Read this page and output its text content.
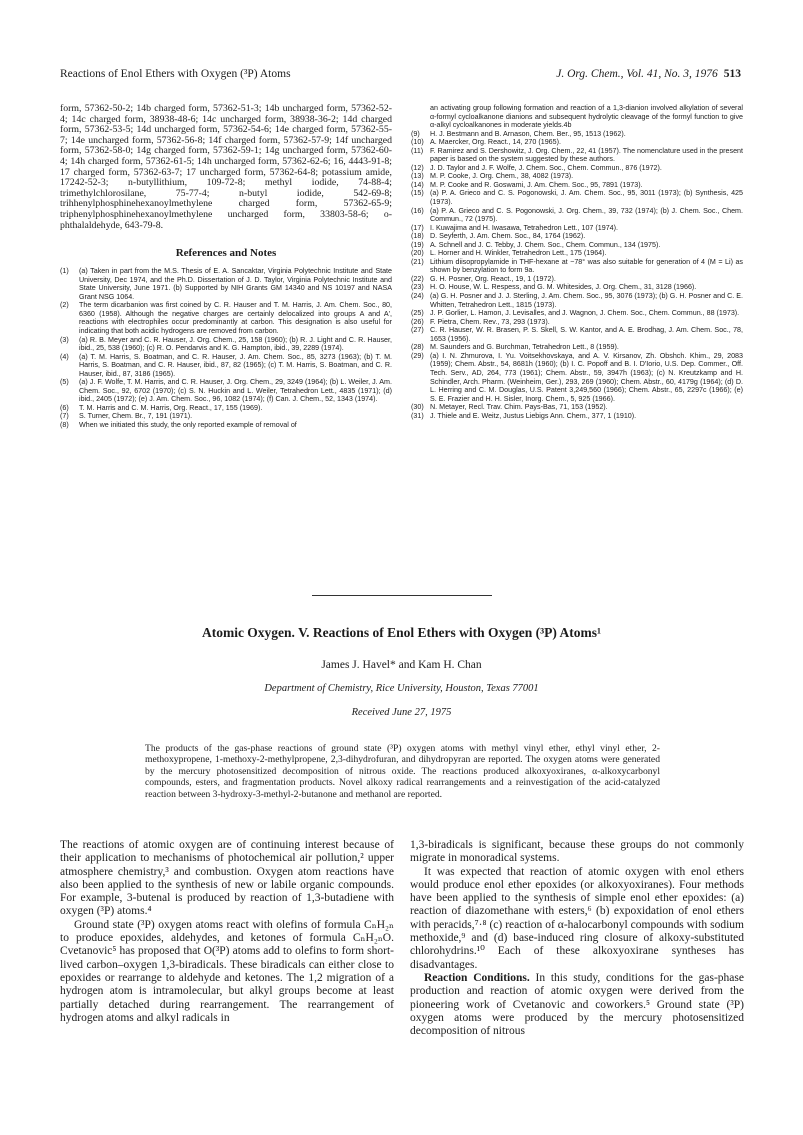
Reactions of Enol Ethers with Oxygen (³P) Atoms	J. Org. Chem., Vol. 41, No. 3, 1976 513

form, 57362-50-2; 14b charged form, 57362-51-3; 14b uncharged form, 57362-52-4; 14c charged form, 38938-48-6; 14c uncharged form, 38938-36-2; 14d charged form, 57362-53-5; 14d uncharged form, 57362-54-6; 14e charged form, 57362-55-7; 14e uncharged form, 57362-56-8; 14f charged form, 57362-57-9; 14f uncharged form, 57362-58-0; 14g charged form, 57362-59-1; 14g uncharged form, 57362-60-4; 14h charged form, 57362-61-5; 14h uncharged form, 57362-62-6; 16, 4443-91-8; 17 charged form, 57362-63-7; 17 uncharged form, 57362-64-8; potassium amide, 17242-52-3; n-butyllithium, 109-72-8; methyl iodide, 74-88-4; trimethylchlorosilane, 75-77-4; n-butyl iodide, 542-69-8; trihhenylphosphinehexanoylmethylene charged form, 57362-65-9; triphenylphosphinehexanoylmethylene uncharged form, 33803-58-6; o-phthalaldehyde, 643-79-8.

References and Notes
(1)	(a) Taken in part from the M.S. Thesis of E. A. Sancaktar, Virginia Polytechnic Institute and State University, Dec 1974, and the Ph.D. Dissertation of J. D. Taylor, Virginia Polytechnic Institute and State University, June 1971. (b) Supported by NIH Grants GM 14340 and NS 10197 and NASA Grant NSG 1064.
(2)	The term dicarbanion was first coined by C. R. Hauser and T. M. Harris, J. Am. Chem. Soc., 80, 6360 (1958). Although the negative charges are certainly delocalized into groups A and A', reactions with electrophiles occur predominantly at carbon. This designation is also useful for indicating that both acidic hydrogens are removed from carbon.
(3)	(a) R. B. Meyer and C. R. Hauser, J. Org. Chem., 25, 158 (1960); (b) R. J. Light and C. R. Hauser, ibid., 25, 538 (1960); (c) R. O. Pendarvis and K. G. Hampton, ibid., 39, 2289 (1974).
(4)	(a) T. M. Harris, S. Boatman, and C. R. Hauser, J. Am. Chem. Soc., 85, 3273 (1963); (b) T. M. Harris, S. Boatman, and C. R. Hauser, ibid., 87, 82 (1965); (c) T. M. Harris, S. Boatman, and C. R. Hauser, ibid., 87, 3186 (1965).
(5)	(a) J. F. Wolfe, T. M. Harris, and C. R. Hauser, J. Org. Chem., 29, 3249 (1964); (b) L. Weiler, J. Am. Chem. Soc., 92, 6702 (1970); (c) S. N. Huckin and L. Weiler, Tetrahedron Lett., 4835 (1971); (d) ibid., 2405 (1972); (e) J. Am. Chem. Soc., 96, 1082 (1974); (f) Can. J. Chem., 52, 1343 (1974).
(6)	T. M. Harris and C. M. Harris, Org. React., 17, 155 (1969).
(7)	S. Turner, Chem. Br., 7, 191 (1971).
(8)	When we initiated this study, the only reported example of removal of
an activating group following formation and reaction of a 1,3-dianion involved alkylation of several α-formyl cycloalkanone dianions and subsequent hydrolytic cleavage of the formyl function to give α-alkyl cycloalkanones in moderate yields.4b
(9)	H. J. Bestmann and B. Arnason, Chem. Ber., 95, 1513 (1962).
(10) A. Maercker, Org. React., 14, 270 (1965).
(11) F. Ramirez and S. Dershowitz, J. Org. Chem., 22, 41 (1957). The nomenclature used in the present paper is based on the system suggested by these authors.
(12) J. D. Taylor and J. F. Wolfe, J. Chem. Soc., Chem. Commun., 876 (1972).
(13) M. P. Cooke, J. Org. Chem., 38, 4082 (1973).
(14) M. P. Cooke and R. Goswami, J. Am. Chem. Soc., 95, 7891 (1973).
(15) (a) P. A. Grieco and C. S. Pogonowski, J. Am. Chem. Soc., 95, 3011 (1973); (b) Synthesis, 425 (1973).
(16) (a) P. A. Grieco and C. S. Pogonowski, J. Org. Chem., 39, 732 (1974); (b) J. Chem. Soc., Chem. Commun., 72 (1975).
(17) I. Kuwajima and H. Iwasawa, Tetrahedron Lett., 107 (1974).
(18) D. Seyferth, J. Am. Chem. Soc., 84, 1764 (1962).
(19) A. Schnell and J. C. Tebby, J. Chem. Soc., Chem. Commun., 134 (1975).
(20) L. Horner and H. Winkler, Tetrahedron Lett., 175 (1964).
(21) Lithium diisopropylamide in THF-hexane at −78° was also suitable for generation of 4 (M = Li) as shown by benzylation to form 9a.
(22) G. H. Posner, Org. React., 19, 1 (1972).
(23) H. O. House, W. L. Respess, and G. M. Whitesides, J. Org. Chem., 31, 3128 (1966).
(24) (a) G. H. Posner and J. J. Sterling, J. Am. Chem. Soc., 95, 3076 (1973); (b) G. H. Posner and C. E. Whitten, Tetrahedron Lett., 1815 (1973).
(25) J. P. Gorlier, L. Hamon, J. Levisalles, and J. Wagnon, J. Chem. Soc., Chem. Commun., 88 (1973).
(26) F. Pietra, Chem. Rev., 73, 293 (1973).
(27) C. R. Hauser, W. R. Brasen, P. S. Skell, S. W. Kantor, and A. E. Brodhag, J. Am. Chem. Soc., 78, 1653 (1956).
(28) M. Saunders and G. Burchman, Tetrahedron Lett., 8 (1959).
(29) (a) I. N. Zhmurova, I. Yu. Voitsekhovskaya, and A. V. Kirsanov, Zh. Obshch. Khim., 29, 2083 (1959); Chem. Abstr., 54, 8681h (1960); (b) I. C. Popoff and B. I. D'Iorio, U.S. Dep. Commer., Off. Tech. Serv., AD, 264, 773 (1961); Chem. Abstr., 59, 3947h (1963); (c) N. Kreutzkamp and H. Schindler, Arch. Pharm. (Weinheim, Ger.), 293, 269 (1960); Chem. Abstr., 60, 4179g (1964); (d) D. L. Herring and C. M. Douglas, U.S. Patent 3,249,560 (1966); Chem. Abstr., 65, 2297c (1966); (e) S. E. Frazier and H. H. Sisler, Inorg. Chem., 5, 925 (1966).
(30) N. Metayer, Recl. Trav. Chim. Pays-Bas, 71, 153 (1952).
(31) J. Thiele and E. Weitz, Justus Liebigs Ann. Chem., 377, 1 (1910).
Atomic Oxygen. V. Reactions of Enol Ethers with Oxygen (³P) Atoms¹
James J. Havel* and Kam H. Chan
Department of Chemistry, Rice University, Houston, Texas 77001
Received June 27, 1975

The products of the gas-phase reactions of ground state (³P) oxygen atoms with methyl vinyl ether, ethyl vinyl ether, 2-methoxypropene, 1-methoxy-2-methylpropene, 2,3-dihydrofuran, and dihydropyran are reported. The oxygen atoms were generated by the mercury photosensitized decomposition of nitrous oxide. The reactions produced alkoxyoxiranes, α-alkoxycarbonyl compounds, esters, and fragmentation products. Novel alkoxy radical rearrangements and a reinvestigation of the acid-catalyzed reaction between 3-hydroxy-3-methyl-2-butanone and methanol are reported.

The reactions of atomic oxygen are of continuing interest because of their application to mechanisms of photochemical air pollution,² upper atmosphere chemistry,³ and combustion. Oxygen atom reactions have also been applied to the synthesis of new or labile organic compounds. For example, 3-butenal is produced by reaction of 1,3-butadiene with oxygen (³P) atoms.⁴

Ground state (³P) oxygen atoms react with olefins of formula CₙH₂ₙ to produce epoxides, aldehydes, and ketones of formula CₙH₂ₙO. Cvetanovic⁵ has proposed that O(³P) atoms add to olefins to form short-lived carbon–oxygen 1,3-biradicals. These biradicals can either close to epoxides or rearrange to aldehyde and ketones. The 1,2 migration of a hydrogen atom is intramolecular, but alkyl groups become at least partially detached during rearrangement. The rearrangement of hydrogen atoms and alkyl radicals in

1,3-biradicals is significant, because these groups do not commonly migrate in monoradical systems.

It was expected that reaction of atomic oxygen with enol ethers would produce enol ether epoxides (or alkoxyoxiranes). Four methods have been applied to the synthesis of simple enol ether epoxides: (a) reaction of diazomethane with esters,⁶ (b) expoxidation of enol ethers with peracids,⁷·⁸ (c) reaction of α-halocarbonyl compounds with sodium methoxide,⁹ and (d) base-induced ring closure of alkoxy-substituted chlorohydrins.¹⁰ Each of these alkoxyoxirane syntheses has disadvantages.

Reaction Conditions. In this study, conditions for the gas-phase production and reaction of atomic oxygen were derived from the pioneering work of Cvetanovic and coworkers.⁵ Ground state (³P) oxygen atoms were produced by the mercury photosensitized decomposition of nitrous
